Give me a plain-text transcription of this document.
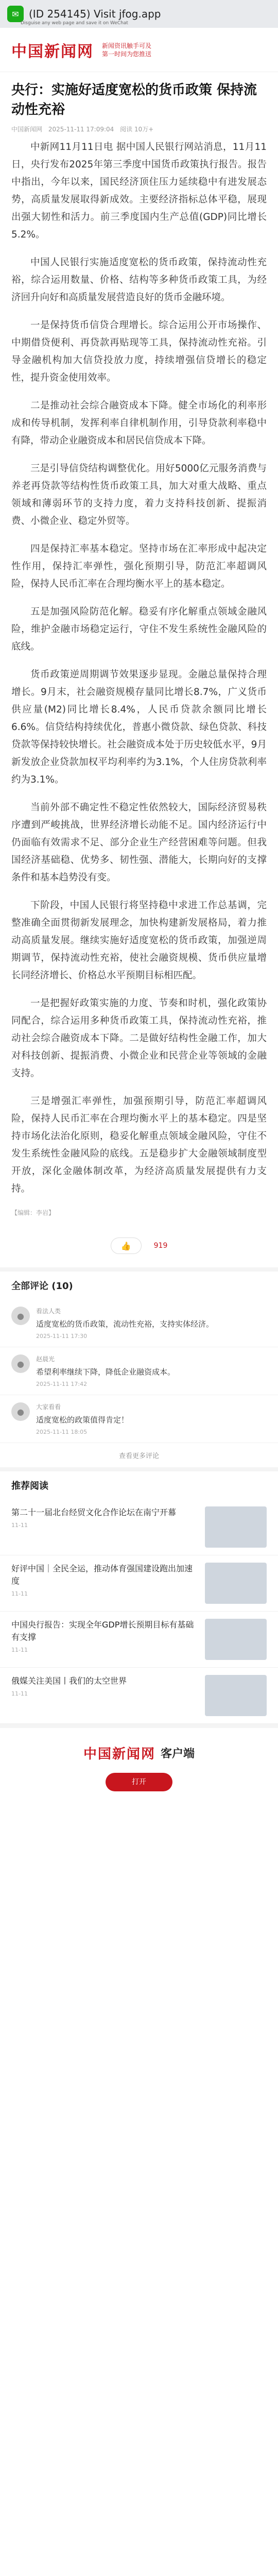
✉ (ID 254145) Visit jfog.app
Disguise any web page and save it on WeChat
中国新闻网 新闻资讯触手可及
第一时间为您推送
央行：实施好适度宽松的货币政策 保持流动性充裕
中国新闻网 2025-11-11 17:09:04 阅读 10万+

中新网11月11日电 据中国人民银行网站消息，11月11日，央行发布2025年第三季度中国货币政策执行报告。报告中指出，今年以来，国民经济顶住压力延续稳中有进发展态势，高质量发展取得新成效。主要经济指标总体平稳，展现出强大韧性和活力。前三季度国内生产总值(GDP)同比增长5.2%。

中国人民银行实施适度宽松的货币政策，保持流动性充裕，综合运用数量、价格、结构等多种货币政策工具，为经济回升向好和高质量发展营造良好的货币金融环境。

一是保持货币信贷合理增长。综合运用公开市场操作、中期借贷便利、再贷款再贴现等工具，保持流动性充裕。引导金融机构加大信贷投放力度，持续增强信贷增长的稳定性，提升资金使用效率。

二是推动社会综合融资成本下降。健全市场化的利率形成和传导机制，发挥利率自律机制作用，引导贷款利率稳中有降，带动企业融资成本和居民信贷成本下降。

三是引导信贷结构调整优化。用好5000亿元服务消费与养老再贷款等结构性货币政策工具，加大对重大战略、重点领域和薄弱环节的支持力度，着力支持科技创新、提振消费、小微企业、稳定外贸等。

四是保持汇率基本稳定。坚持市场在汇率形成中起决定性作用，保持汇率弹性，强化预期引导，防范汇率超调风险，保持人民币汇率在合理均衡水平上的基本稳定。

五是加强风险防范化解。稳妥有序化解重点领域金融风险，维护金融市场稳定运行，守住不发生系统性金融风险的底线。

货币政策逆周期调节效果逐步显现。金融总量保持合理增长。9月末，社会融资规模存量同比增长8.7%，广义货币供应量(M2)同比增长8.4%，人民币贷款余额同比增长6.6%。信贷结构持续优化，普惠小微贷款、绿色贷款、科技贷款等保持较快增长。社会融资成本处于历史较低水平，9月新发放企业贷款加权平均利率约为3.1%，个人住房贷款利率约为3.1%。

当前外部不确定性不稳定性依然较大，国际经济贸易秩序遭到严峻挑战，世界经济增长动能不足。国内经济运行中仍面临有效需求不足、部分企业生产经营困难等问题。但我国经济基础稳、优势多、韧性强、潜能大，长期向好的支撑条件和基本趋势没有变。

下阶段，中国人民银行将坚持稳中求进工作总基调，完整准确全面贯彻新发展理念，加快构建新发展格局，着力推动高质量发展。继续实施好适度宽松的货币政策，加强逆周期调节，保持流动性充裕，使社会融资规模、货币供应量增长同经济增长、价格总水平预期目标相匹配。

一是把握好政策实施的力度、节奏和时机，强化政策协同配合，综合运用多种货币政策工具，保持流动性充裕，推动社会综合融资成本下降。二是做好结构性金融工作，加大对科技创新、提振消费、小微企业和民营企业等领域的金融支持。

三是增强汇率弹性，加强预期引导，防范汇率超调风险，保持人民币汇率在合理均衡水平上的基本稳定。四是坚持市场化法治化原则，稳妥化解重点领域金融风险，守住不发生系统性金融风险的底线。五是稳步扩大金融领域制度型开放，深化金融体制改革，为经济高质量发展提供有力支持。

【编辑：李岩】
👍	919
全部评论 (10)
●	看法人类
适度宽松的货币政策，流动性充裕，支持实体经济。
2025-11-11 17:30
●	赵晨光
希望利率继续下降，降低企业融资成本。
2025-11-11 17:42
●	大家看看
适度宽松的政策值得肯定！
2025-11-11 18:05
查看更多评论
推荐阅读
第二十一届北台经贸文化合作论坛在南宁开幕
11-11
好评中国｜全民全运，推动体育强国建设跑出加速度
11-11
中国央行报告：实现全年GDP增长预期目标有基础有支撑
11-11
俄媒关注美国丨我们的太空世界
11-11
中国新闻网 客户端

打开
